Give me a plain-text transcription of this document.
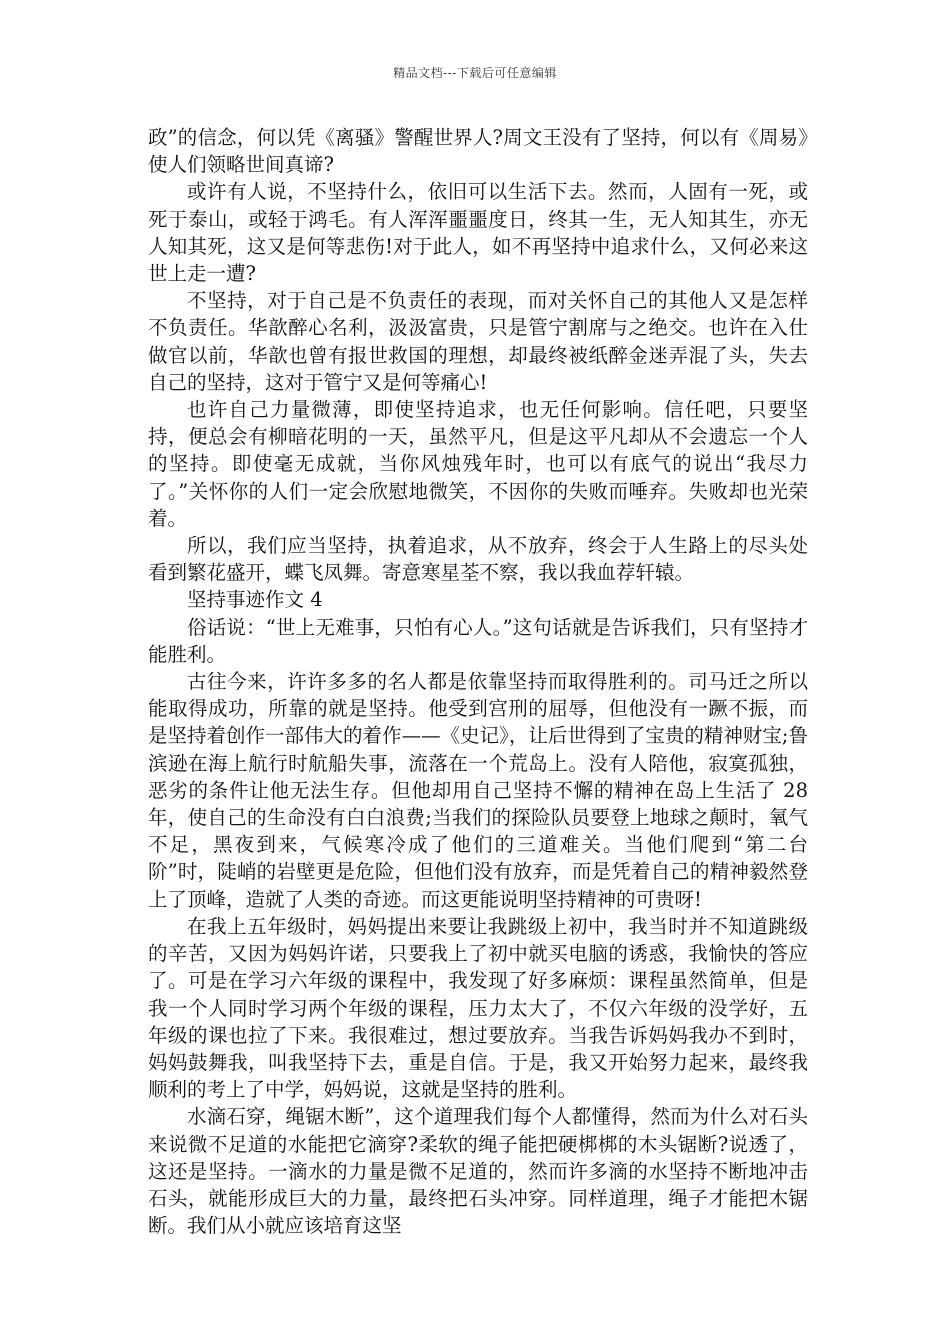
精品文档---下载后可任意编辑

政”的信念，何以凭《离骚》警醒世界人?周文王没有了坚持，何以有《周易》使人们领略世间真谛?

或许有人说，不坚持什么，依旧可以生活下去。然而，人固有一死，或死于泰山，或轻于鸿毛。有人浑浑噩噩度日，终其一生，无人知其生，亦无人知其死，这又是何等悲伤!对于此人，如不再坚持中追求什么，又何必来这世上走一遭?

不坚持，对于自己是不负责任的表现，而对关怀自己的其他人又是怎样不负责任。华歆醉心名利，汲汲富贵，只是管宁割席与之绝交。也许在入仕做官以前，华歆也曾有报世救国的理想，却最终被纸醉金迷弄混了头，失去自己的坚持，这对于管宁又是何等痛心!

也许自己力量微薄，即使坚持追求，也无任何影响。信任吧，只要坚持，便总会有柳暗花明的一天，虽然平凡，但是这平凡却从不会遗忘一个人的坚持。即使毫无成就，当你风烛残年时，也可以有底气的说出“我尽力了。”关怀你的人们一定会欣慰地微笑，不因你的失败而唾弃。失败却也光荣着。

所以，我们应当坚持，执着追求，从不放弃，终会于人生路上的尽头处看到繁花盛开，蝶飞凤舞。寄意寒星荃不察，我以我血荐轩辕。

坚持事迹作文 4

俗话说：“世上无难事，只怕有心人。”这句话就是告诉我们，只有坚持才能胜利。

古往今来，许许多多的名人都是依靠坚持而取得胜利的。司马迁之所以能取得成功，所靠的就是坚持。他受到宫刑的屈辱，但他没有一蹶不振，而是坚持着创作一部伟大的着作——《史记》，让后世得到了宝贵的精神财宝;鲁滨逊在海上航行时航船失事，流落在一个荒岛上。没有人陪他，寂寞孤独，恶劣的条件让他无法生存。但他却用自己坚持不懈的精神在岛上生活了 28 年，使自己的生命没有白白浪费;当我们的探险队员要登上地球之颠时，氧气不足，黑夜到来，气候寒冷成了他们的三道难关。当他们爬到“第二台阶”时，陡峭的岩壁更是危险，但他们没有放弃，而是凭着自己的精神毅然登上了顶峰，造就了人类的奇迹。而这更能说明坚持精神的可贵呀!

在我上五年级时，妈妈提出来要让我跳级上初中，我当时并不知道跳级的辛苦，又因为妈妈许诺，只要我上了初中就买电脑的诱惑，我愉快的答应了。可是在学习六年级的课程中，我发现了好多麻烦：课程虽然简单，但是我一个人同时学习两个年级的课程，压力太大了，不仅六年级的没学好，五年级的课也拉了下来。我很难过，想过要放弃。当我告诉妈妈我办不到时，妈妈鼓舞我，叫我坚持下去，重是自信。于是，我又开始努力起来，最终我顺利的考上了中学，妈妈说，这就是坚持的胜利。

水滴石穿，绳锯木断”，这个道理我们每个人都懂得，然而为什么对石头来说微不足道的水能把它滴穿?柔软的绳子能把硬梆梆的木头锯断?说透了，这还是坚持。一滴水的力量是微不足道的，然而许多滴的水坚持不断地冲击石头，就能形成巨大的力量，最终把石头冲穿。同样道理，绳子才能把木锯断。我们从小就应该培育这坚
